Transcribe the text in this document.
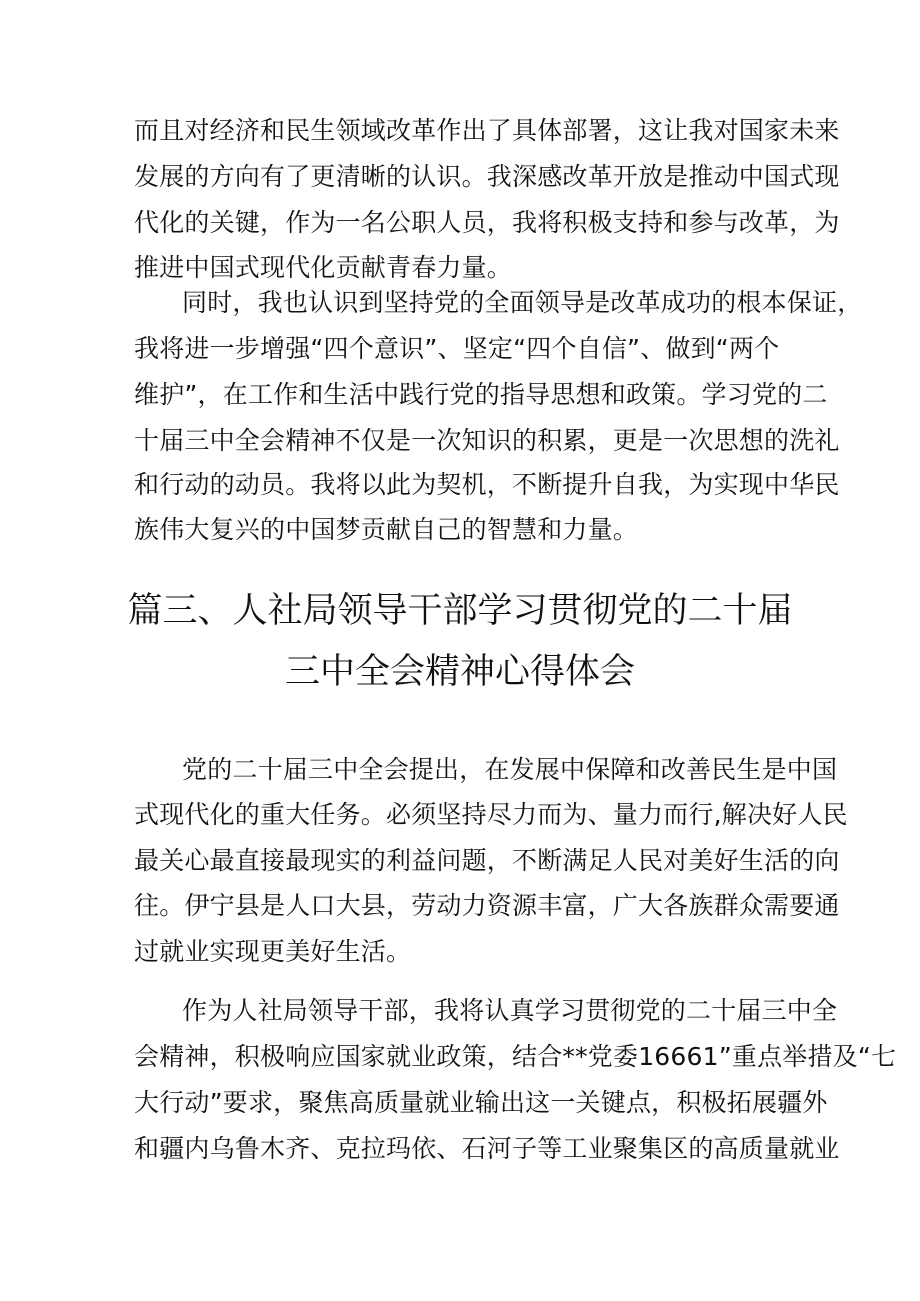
而且对经济和民生领域改革作出了具体部署，这让我对国家未来
发展的方向有了更清晰的认识。我深感改革开放是推动中国式现
代化的关键，作为一名公职人员，我将积极支持和参与改革，为
推进中国式现代化贡献青春力量。
同时，我也认识到坚持党的全面领导是改革成功的根本保证，
我将进一步增强“四个意识”、坚定“四个自信”、做到“两个
维护”，在工作和生活中践行党的指导思想和政策。学习党的二
十届三中全会精神不仅是一次知识的积累，更是一次思想的洗礼
和行动的动员。我将以此为契机，不断提升自我，为实现中华民
族伟大复兴的中国梦贡献自己的智慧和力量。
篇三、人社局领导干部学习贯彻党的二十届
三中全会精神心得体会
党的二十届三中全会提出，在发展中保障和改善民生是中国
式现代化的重大任务。必须坚持尽力而为、量力而行,解决好人民
最关心最直接最现实的利益问题，不断满足人民对美好生活的向
往。伊宁县是人口大县，劳动力资源丰富，广大各族群众需要通
过就业实现更美好生活。
作为人社局领导干部，我将认真学习贯彻党的二十届三中全
会精神，积极响应国家就业政策，结合**党委16661”重点举措及“七
大行动”要求，聚焦高质量就业输出这一关键点，积极拓展疆外
和疆内乌鲁木齐、克拉玛依、石河子等工业聚集区的高质量就业
